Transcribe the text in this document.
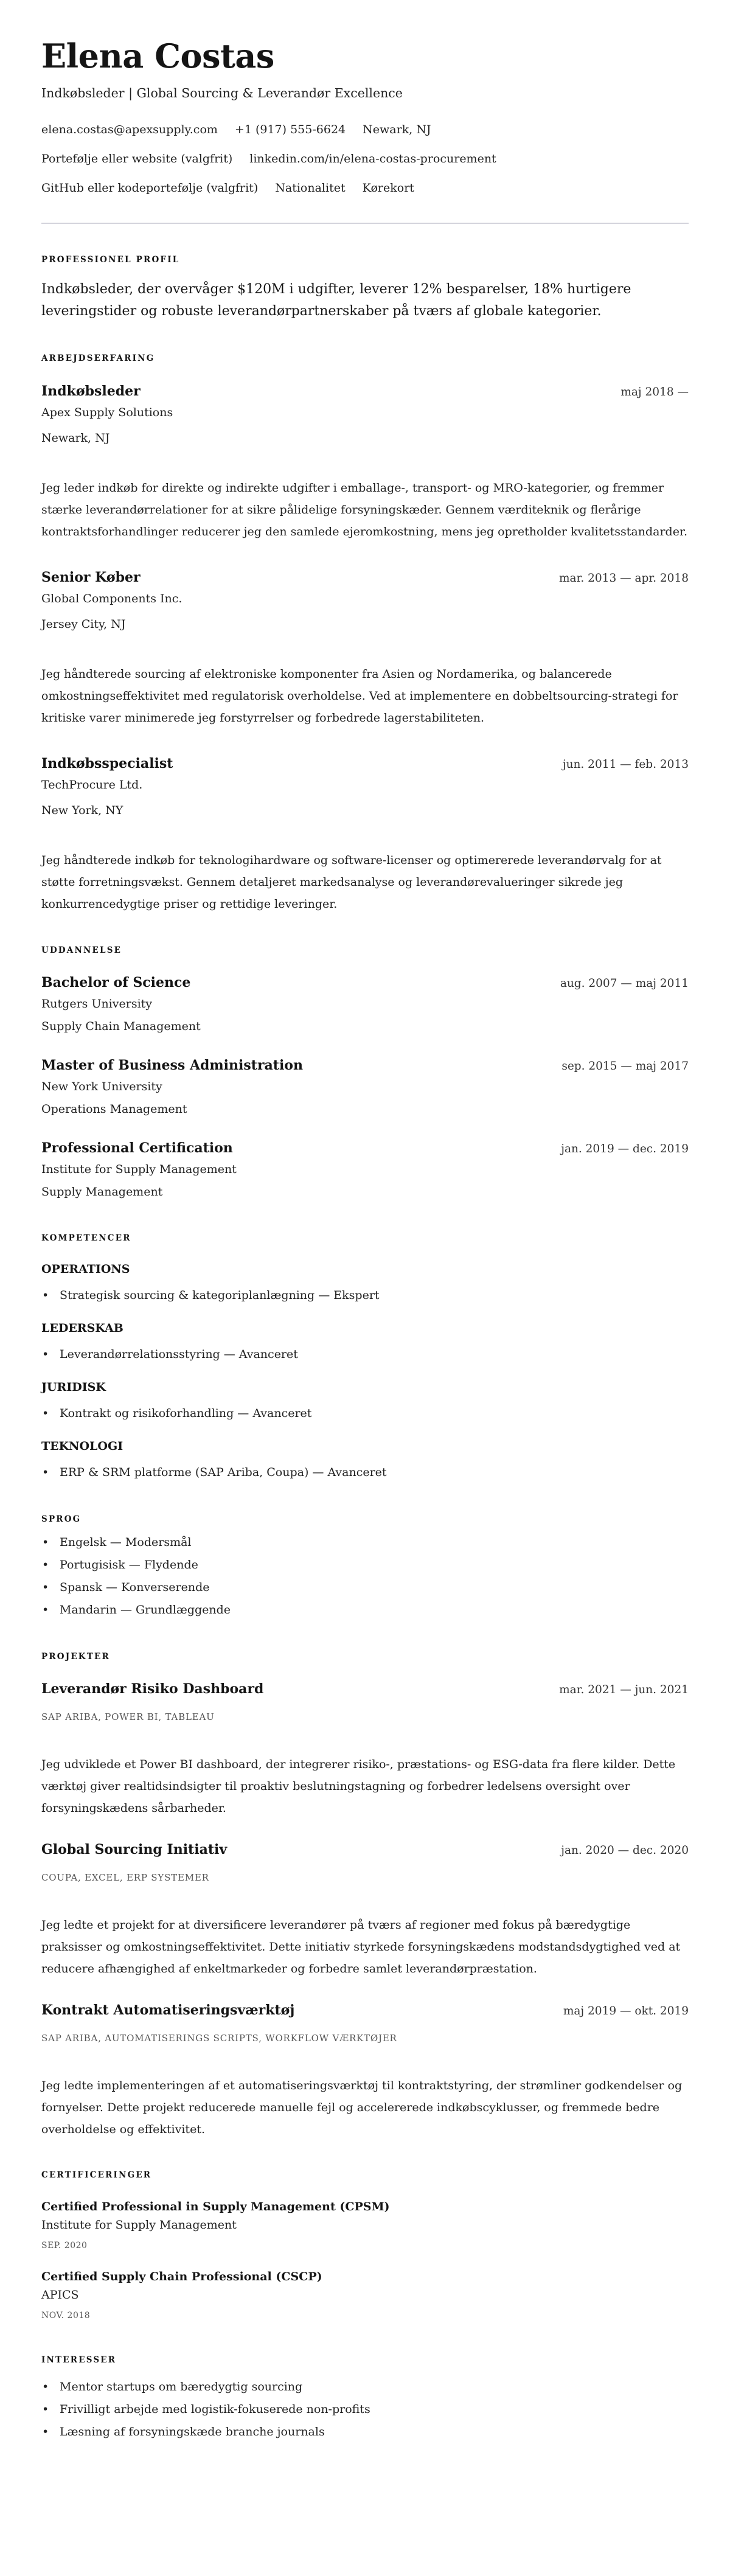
Elena Costas
Indkøbsleder | Global Sourcing & Leverandør Excellence
elena.costas@apexsupply.com +1 (917) 555-6624 Newark, NJ
Portefølje eller website (valgfrit) linkedin.com/in/elena-costas-procurement
GitHub eller kodeportefølje (valgfrit) Nationalitet Kørekort
PROFESSIONEL PROFIL

Indkøbsleder, der overvåger $120M i udgifter, leverer 12% besparelser, 18% hurtigere leveringstider og robuste leverandørpartnerskaber på tværs af globale kategorier.

ARBEJDSERFARING
Indkøbsleder	maj 2018 —
Apex Supply Solutions
Newark, NJ

Jeg leder indkøb for direkte og indirekte udgifter i emballage-, transport- og MRO-kategorier, og fremmer stærke leverandørrelationer for at sikre pålidelige forsyningskæder. Gennem værditeknik og flerårige kontraktsforhandlinger reducerer jeg den samlede ejeromkostning, mens jeg opretholder kvalitetsstandarder.

Senior Køber	mar. 2013 — apr. 2018
Global Components Inc.
Jersey City, NJ

Jeg håndterede sourcing af elektroniske komponenter fra Asien og Nordamerika, og balancerede omkostningseffektivitet med regulatorisk overholdelse. Ved at implementere en dobbeltsourcing-strategi for kritiske varer minimerede jeg forstyrrelser og forbedrede lagerstabiliteten.

Indkøbsspecialist	jun. 2011 — feb. 2013
TechProcure Ltd.
New York, NY

Jeg håndterede indkøb for teknologihardware og software-licenser og optimererede leverandørvalg for at støtte forretningsvækst. Gennem detaljeret markedsanalyse og leverandørevalueringer sikrede jeg konkurrencedygtige priser og rettidige leveringer.

UDDANNELSE
Bachelor of Science	aug. 2007 — maj 2011
Rutgers University
Supply Chain Management
Master of Business Administration	sep. 2015 — maj 2017
New York University
Operations Management
Professional Certification	jan. 2019 — dec. 2019
Institute for Supply Management
Supply Management
KOMPETENCER
OPERATIONS
• Strategisk sourcing & kategoriplanlægning — Ekspert
LEDERSKAB
• Leverandørrelationsstyring — Avanceret
JURIDISK
• Kontrakt og risikoforhandling — Avanceret
TEKNOLOGI
• ERP & SRM platforme (SAP Ariba, Coupa) — Avanceret
SPROG
• Engelsk — Modersmål
• Portugisisk — Flydende
• Spansk — Konverserende
• Mandarin — Grundlæggende
PROJEKTER
Leverandør Risiko Dashboard	mar. 2021 — jun. 2021
SAP ARIBA, POWER BI, TABLEAU

Jeg udviklede et Power BI dashboard, der integrerer risiko-, præstations- og ESG-data fra flere kilder. Dette værktøj giver realtidsindsigter til proaktiv beslutningstagning og forbedrer ledelsens oversight over forsyningskædens sårbarheder.

Global Sourcing Initiativ	jan. 2020 — dec. 2020
COUPA, EXCEL, ERP SYSTEMER

Jeg ledte et projekt for at diversificere leverandører på tværs af regioner med fokus på bæredygtige praksisser og omkostningseffektivitet. Dette initiativ styrkede forsyningskædens modstandsdygtighed ved at reducere afhængighed af enkeltmarkeder og forbedre samlet leverandørpræstation.

Kontrakt Automatiseringsværktøj	maj 2019 — okt. 2019
SAP ARIBA, AUTOMATISERINGS SCRIPTS, WORKFLOW VÆRKTØJER

Jeg ledte implementeringen af et automatiseringsværktøj til kontraktstyring, der strømliner godkendelser og fornyelser. Dette projekt reducerede manuelle fejl og accelererede indkøbscyklusser, og fremmede bedre overholdelse og effektivitet.

CERTIFICERINGER
Certified Professional in Supply Management (CPSM)
Institute for Supply Management
SEP. 2020
Certified Supply Chain Professional (CSCP)
APICS
NOV. 2018
INTERESSER
• Mentor startups om bæredygtig sourcing
• Frivilligt arbejde med logistik-fokuserede non-profits
• Læsning af forsyningskæde branche journals
